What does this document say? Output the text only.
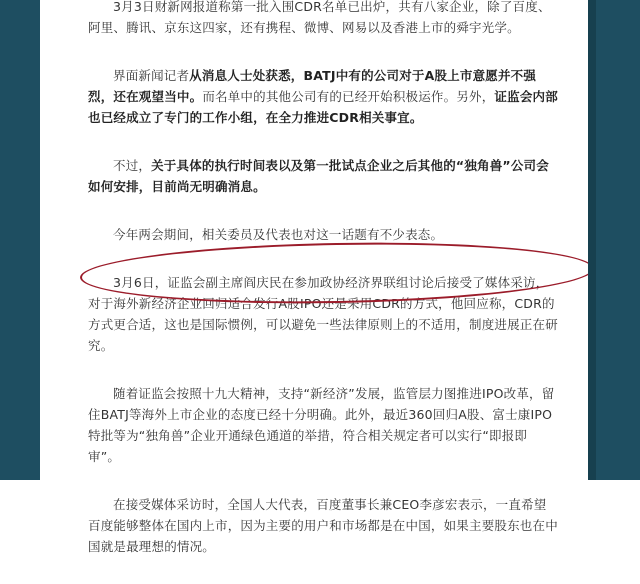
3月3日财新网报道称第一批入围CDR名单已出炉，共有八家企业，除了百度、阿里、腾讯、京东这四家，还有携程、微博、网易以及香港上市的舜宇光学。

界面新闻记者从消息人士处获悉，BATJ中有的公司对于A股上市意愿并不强烈，还在观望当中。而名单中的其他公司有的已经开始积极运作。另外，证监会内部也已经成立了专门的工作小组，在全力推进CDR相关事宜。

不过，关于具体的执行时间表以及第一批试点企业之后其他的“独角兽”公司会如何安排，目前尚无明确消息。

今年两会期间，相关委员及代表也对这一话题有不少表态。

3月6日，证监会副主席阎庆民在参加政协经济界联组讨论后接受了媒体采访，对于海外新经济企业回归适合发行A股IPO还是采用CDR的方式，他回应称，CDR的方式更合适，这也是国际惯例，可以避免一些法律原则上的不适用，制度进展正在研究。

随着证监会按照十九大精神，支持“新经济”发展，监管层力图推进IPO改革，留住BATJ等海外上市企业的态度已经十分明确。此外，最近360回归A股、富士康IPO特批等为“独角兽”企业开通绿色通道的举措，符合相关规定者可以实行“即报即审”。

在接受媒体采访时，全国人大代表，百度董事长兼CEO李彦宏表示，一直希望百度能够整体在国内上市，因为主要的用户和市场都是在中国，如果主要股东也在中国就是最理想的情况。
